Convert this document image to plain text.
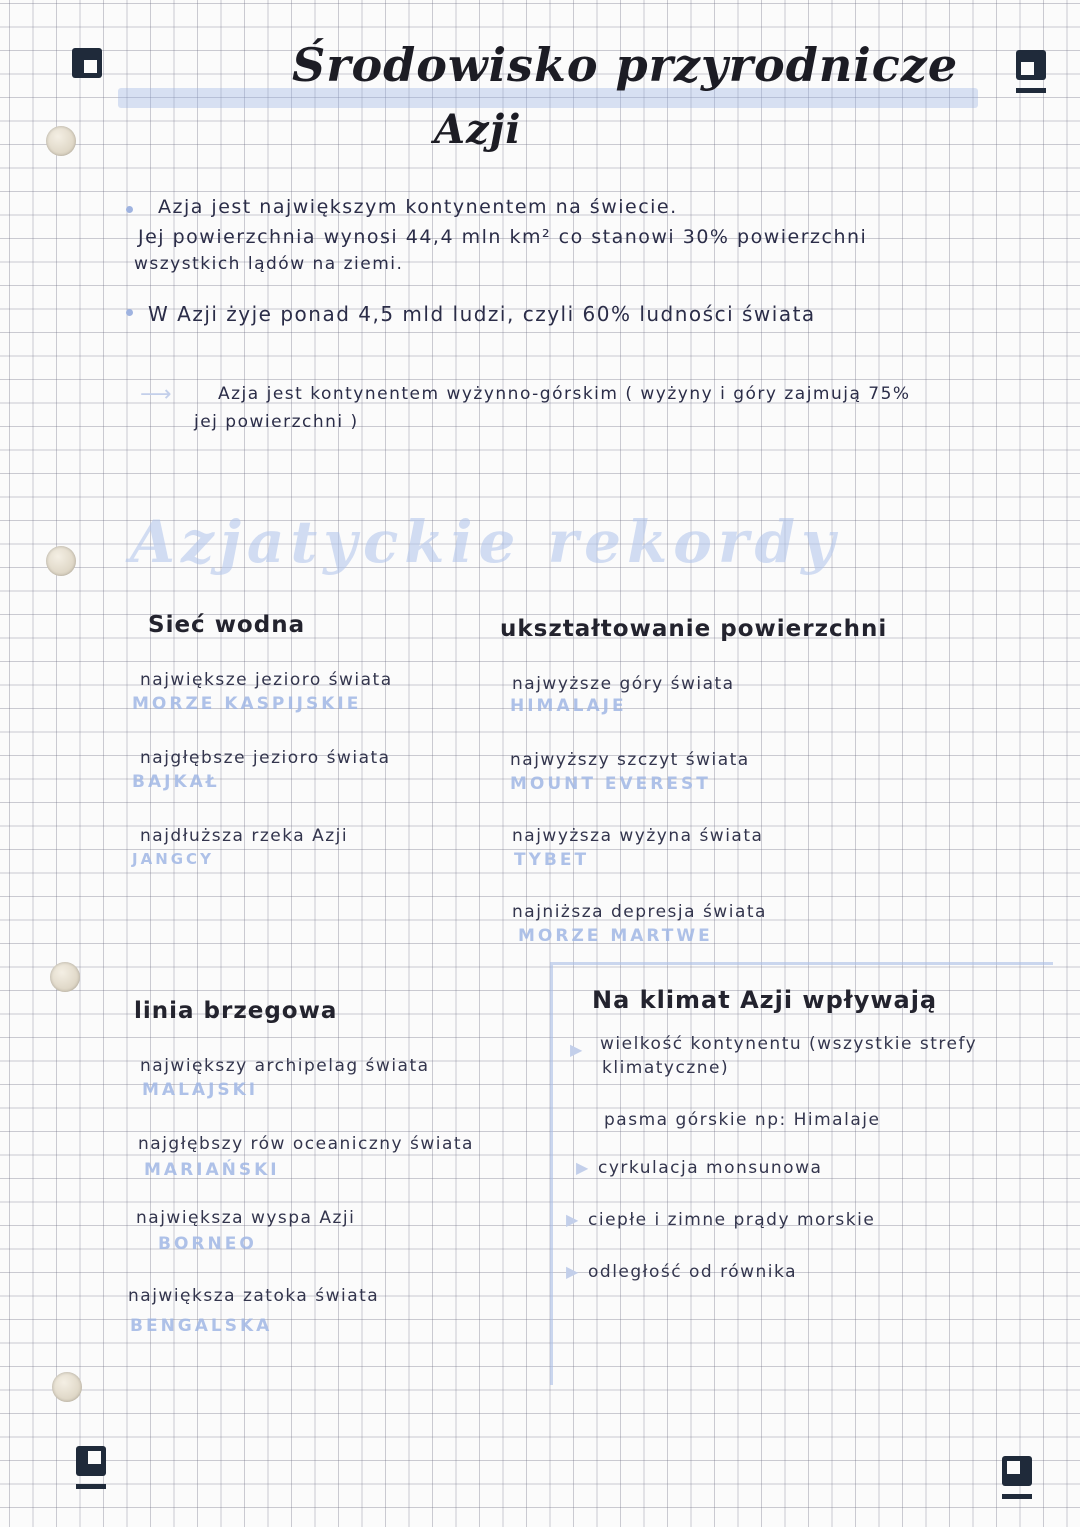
Środowisko przyrodnicze
Azji
Azja jest największym kontynentem na świecie.
Jej powierzchnia wynosi 44,4 mln km² co stanowi 30% powierzchni
wszystkich lądów na ziemi.
W Azji żyje ponad 4,5 mld ludzi, czyli 60% ludności świata
⟶	Azja jest kontynentem wyżynno-górskim ( wyżyny i góry zajmują 75%
jej powierzchni )
Azjatyckie rekordy
Sieć wodna
największe jezioro świata
MORZE KASPIJSKIE
najgłębsze jezioro świata
BAJKAŁ
najdłuższa rzeka Azji
JANGCY
ukształtowanie powierzchni
najwyższe góry świata
HIMALAJE
najwyższy szczyt świata
MOUNT EVEREST
najwyższa wyżyna świata
TYBET
najniższa depresja świata
MORZE MARTWE
linia brzegowa
największy archipelag świata
MALAJSKI
najgłębszy rów oceaniczny świata
MARIAŃSKI
największa wyspa Azji
BORNEO
największa zatoka świata
BENGALSKA
Na klimat Azji wpływają
▶ wielkość kontynentu (wszystkie strefy
klimatyczne)
pasma górskie np: Himalaje
▶ cyrkulacja monsunowa
▶ ciepłe i zimne prądy morskie
▶ odległość od równika
